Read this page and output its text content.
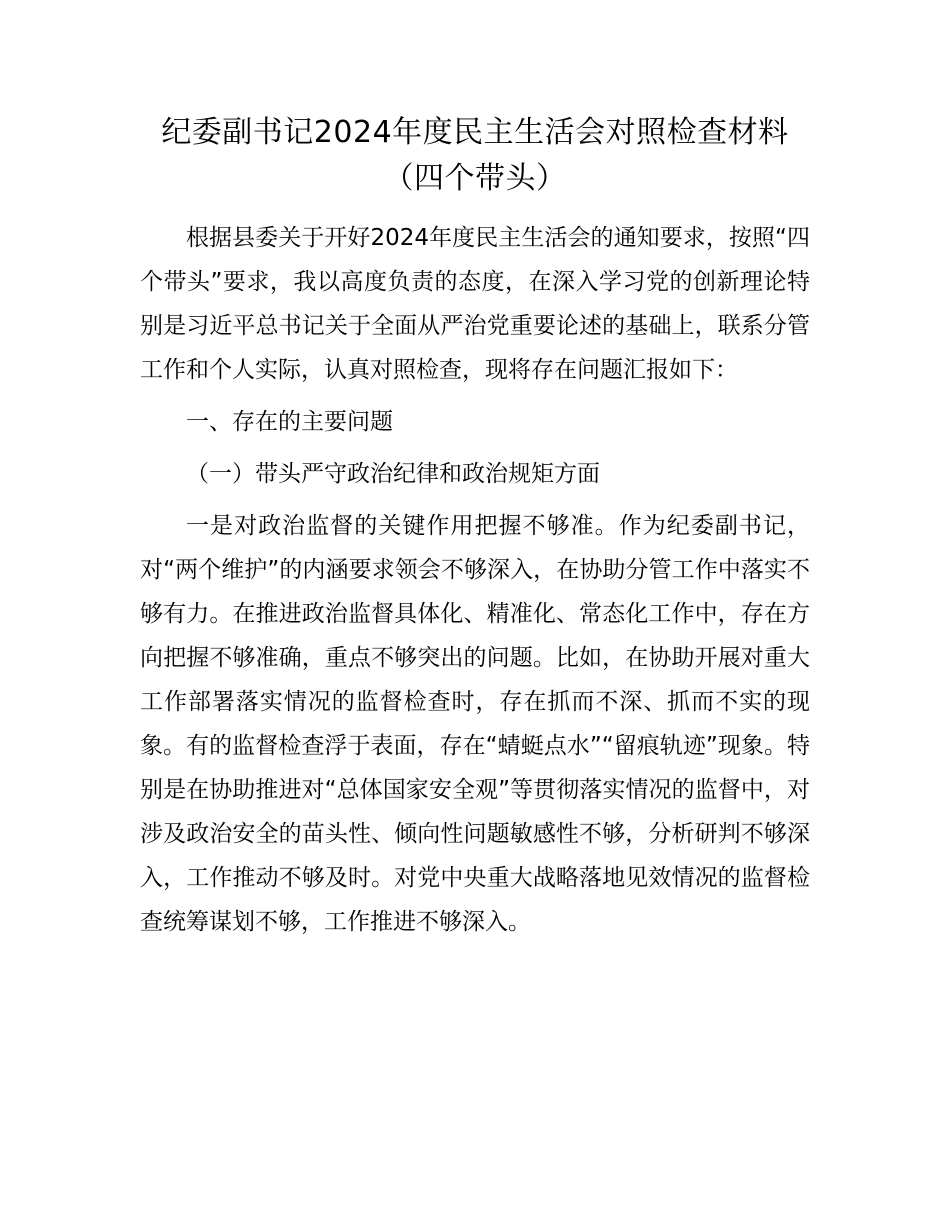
纪委副书记2024年度民主生活会对照检查材料（四个带头）

根据县委关于开好2024年度民主生活会的通知要求，按照“四个带头”要求，我以高度负责的态度，在深入学习党的创新理论特别是习近平总书记关于全面从严治党重要论述的基础上，联系分管工作和个人实际，认真对照检查，现将存在问题汇报如下：

一、存在的主要问题

（一）带头严守政治纪律和政治规矩方面

一是对政治监督的关键作用把握不够准。作为纪委副书记，对“两个维护”的内涵要求领会不够深入，在协助分管工作中落实不够有力。在推进政治监督具体化、精准化、常态化工作中，存在方向把握不够准确，重点不够突出的问题。比如，在协助开展对重大工作部署落实情况的监督检查时，存在抓而不深、抓而不实的现象。有的监督检查浮于表面，存在“蜻蜓点水”“留痕轨迹”现象。特别是在协助推进对“总体国家安全观”等贯彻落实情况的监督中，对涉及政治安全的苗头性、倾向性问题敏感性不够，分析研判不够深入，工作推动不够及时。对党中央重大战略落地见效情况的监督检查统筹谋划不够，工作推进不够深入。
